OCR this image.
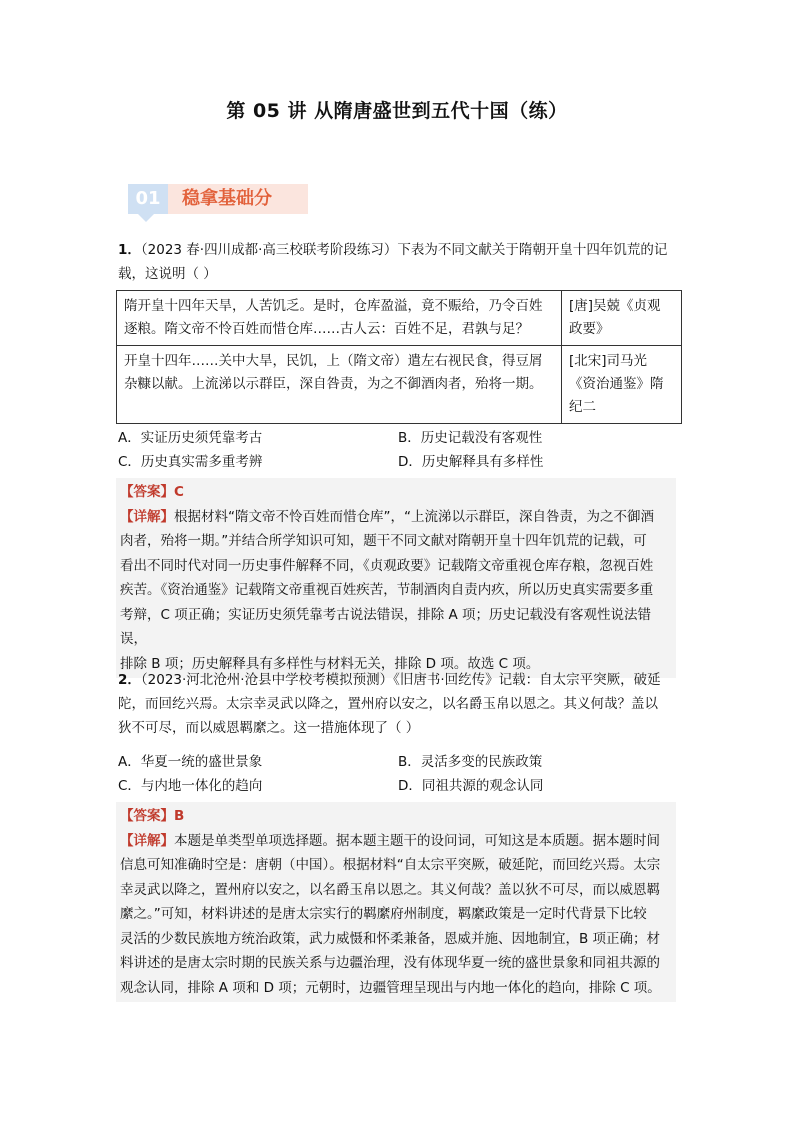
第 05 讲 从隋唐盛世到五代十国（练）
01	稳拿基础分
1．（2023 春·四川成都·高三校联考阶段练习）下表为不同文献关于隋朝开皇十四年饥荒的记
载，这说明（ ）
隋开皇十四年天旱，人苦饥乏。是时，仓库盈溢，竟不赈给，乃令百姓逐粮。隋文帝不怜百姓而惜仓库……古人云：百姓不足，君孰与足？	[唐]吴兢《贞观政要》
开皇十四年……关中大旱，民饥，上（隋文帝）遣左右视民食，得豆屑杂糠以献。上流涕以示群臣，深自咎责，为之不御酒肉者，殆将一期。	[北宋]司马光《资治通鉴》隋纪二
A．实证历史须凭靠考古	B．历史记载没有客观性
C．历史真实需多重考辨	D．历史解释具有多样性
【答案】C
【详解】根据材料“隋文帝不怜百姓而惜仓库”，“上流涕以示群臣，深自咎责，为之不御酒
肉者，殆将一期。”并结合所学知识可知，题干不同文献对隋朝开皇十四年饥荒的记载，可
看出不同时代对同一历史事件解释不同，《贞观政要》记载隋文帝重视仓库存粮，忽视百姓
疾苦。《资治通鉴》记载隋文帝重视百姓疾苦，节制酒肉自责内疚，所以历史真实需要多重
考辩，C 项正确；实证历史须凭靠考古说法错误，排除 A 项；历史记载没有客观性说法错误，
排除 B 项；历史解释具有多样性与材料无关，排除 D 项。故选 C 项。
2．（2023·河北沧州·沧县中学校考模拟预测）《旧唐书·回纥传》记载：自太宗平突厥，破延
陀，而回纥兴焉。太宗幸灵武以降之，置州府以安之，以名爵玉帛以恩之。其义何哉？盖以
狄不可尽，而以威恩羁縻之。这一措施体现了（ ）
A．华夏一统的盛世景象	B．灵活多变的民族政策
C．与内地一体化的趋向	D．同祖共源的观念认同
【答案】B
【详解】本题是单类型单项选择题。据本题主题干的设问词，可知这是本质题。据本题时间
信息可知准确时空是：唐朝（中国）。根据材料“自太宗平突厥，破延陀，而回纥兴焉。太宗
幸灵武以降之，置州府以安之，以名爵玉帛以恩之。其义何哉？盖以狄不可尽，而以威恩羁
縻之。”可知，材料讲述的是唐太宗实行的羁縻府州制度，羁縻政策是一定时代背景下比较
灵活的少数民族地方统治政策，武力威慑和怀柔兼备，恩威并施、因地制宜，B 项正确；材
料讲述的是唐太宗时期的民族关系与边疆治理，没有体现华夏一统的盛世景象和同祖共源的
观念认同，排除 A 项和 D 项；元朝时，边疆管理呈现出与内地一体化的趋向，排除 C 项。
